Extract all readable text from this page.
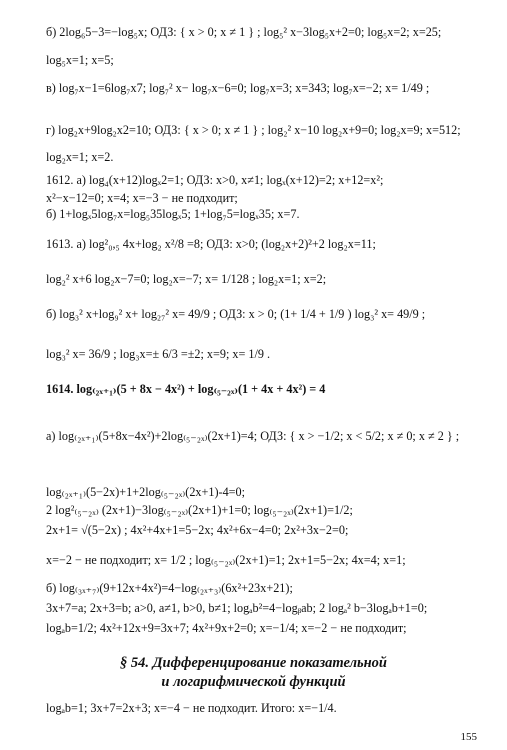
б) 2log₆5−3=−log₅x; ОДЗ: { x > 0; x ≠ 1 } ; log₅² x−3log₅x+2=0; log₅x=2; x=25;
log₅x=1; x=5;
в) log₇x−1=6log₇x7; log₇² x− log₇x−6=0; log₇x=3; x=343; log₇x=−2; x= 1/49 ;
г) log₂x+9log₂x2=10; ОДЗ: { x > 0; x ≠ 1 } ; log₂² x−10 log₂x+9=0; log₂x=9; x=512;
log₂x=1; x=2.
1612. а) log₄(x+12)logₓ2=1; ОДЗ: x>0, x≠1; logₓ(x+12)=2; x+12=x²;
x²−x−12=0; x=4; x=−3 − не подходит;
б) 1+logₓ5log₇x=log₅35logₓ5; 1+log₇5=logₓ35; x=7.
1613. а) log²₀,₅ 4x+log₂ x²/8 =8; ОДЗ: x>0; (log₂x+2)²+2 log₂x=11;
log₂² x+6 log₂x−7=0; log₂x=−7; x= 1/128 ; log₂x=1; x=2;
б) log₃² x+log₉² x+ log₂₇² x= 49/9 ; ОДЗ: x > 0; (1+ 1/4 + 1/9 ) log₃² x= 49/9 ;
log₃² x= 36/9 ; log₃x=± 6/3 =±2; x=9; x= 1/9 .
1614. log₍₂ₓ₊₁₎(5 + 8x − 4x²) + log₍₅₋₂ₓ₎(1 + 4x + 4x²) = 4
а) log₍₂ₓ₊₁₎(5+8x−4x²)+2log₍₅₋₂ₓ₎(2x+1)=4; ОДЗ: { x > −1/2; x < 5/2; x ≠ 0; x ≠ 2 } ;
log₍₂ₓ₊₁₎(5−2x)+1+2log₍₅₋₂ₓ₎(2x+1)-4=0;
2 log²₍₅₋₂ₓ₎ (2x+1)−3log₍₅₋₂ₓ₎(2x+1)+1=0; log₍₅₋₂ₓ₎(2x+1)=1/2;
2x+1= √(5−2x) ; 4x²+4x+1=5−2x; 4x²+6x−4=0; 2x²+3x−2=0;
x=−2 − не подходит; x= 1/2 ; log₍₅₋₂ₓ₎(2x+1)=1; 2x+1=5−2x; 4x=4; x=1;
б) log₍₃ₓ₊₇₎(9+12x+4x²)=4−log₍₂ₓ₊₃₎(6x²+23x+21);
3x+7=a; 2x+3=b; a>0, a≠1, b>0, b≠1; logₐb²=4−logᵦab; 2 logₐ² b−3logₐb+1=0;
logₐb=1/2; 4x²+12x+9=3x+7; 4x²+9x+2=0; x=−1/4; x=−2 − не подходит;
§ 54. Дифференцирование показательной
и логарифмической функций
logₐb=1; 3x+7=2x+3; x=−4 − не подходит. Итого: x=−1/4.
155
